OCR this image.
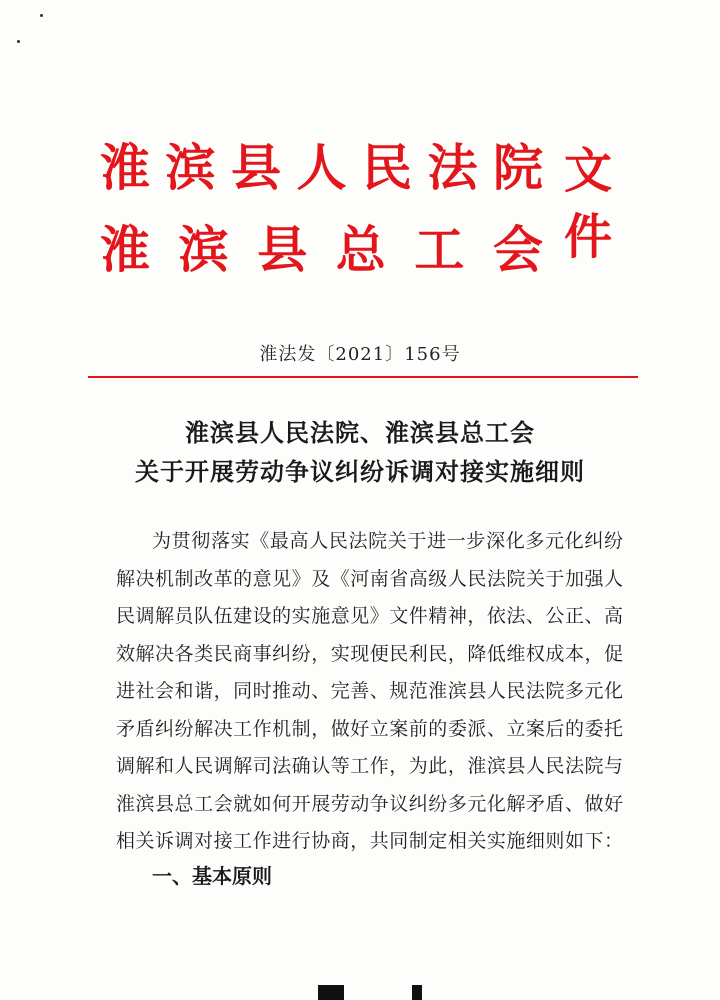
淮 滨 县 人 民 法 院
淮 滨 县 总 工 会
文
件
淮法发〔2021〕156号
淮滨县人民法院、淮滨县总工会
关于开展劳动争议纠纷诉调对接实施细则
为贯彻落实《最高人民法院关于进一步深化多元化纠纷
解决机制改革的意见》及《河南省高级人民法院关于加强人
民调解员队伍建设的实施意见》文件精神，依法、公正、高
效解决各类民商事纠纷，实现便民利民，降低维权成本，促
进社会和谐，同时推动、完善、规范淮滨县人民法院多元化
矛盾纠纷解决工作机制，做好立案前的委派、立案后的委托
调解和人民调解司法确认等工作，为此，淮滨县人民法院与
淮滨县总工会就如何开展劳动争议纠纷多元化解矛盾、做好
一、基本原则
相关诉调对接工作进行协商，共同制定相关实施细则如下：
